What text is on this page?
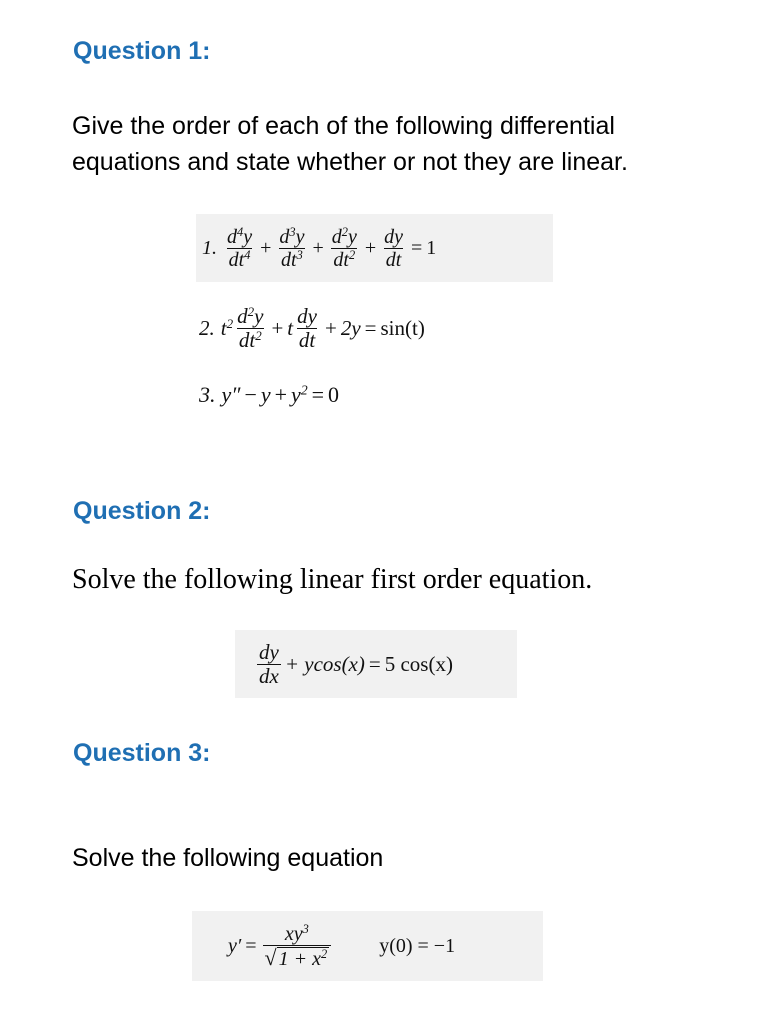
Question 1:
Give the order of each of the following differential
equations and state whether or not they are linear.
1. $\frac{d^4y}{dt^4} + \frac{d^3y}{dt^3} + \frac{d^2y}{dt^2} + \frac{dy}{dt} = 1$
2. $t^2 \frac{d^2y}{dt^2} + t \frac{dy}{dt} + 2y = \sin(t)$
3. $y'' - y + y^2 = 0$
Question 2:
Solve the following linear first order equation.
$\frac{dy}{dx} + ycos(x) = 5$ cos(x)
Question 3:
Solve the following equation
$y' = \frac{xy^3}{√ 1 + x^2} y(0) = -1$
